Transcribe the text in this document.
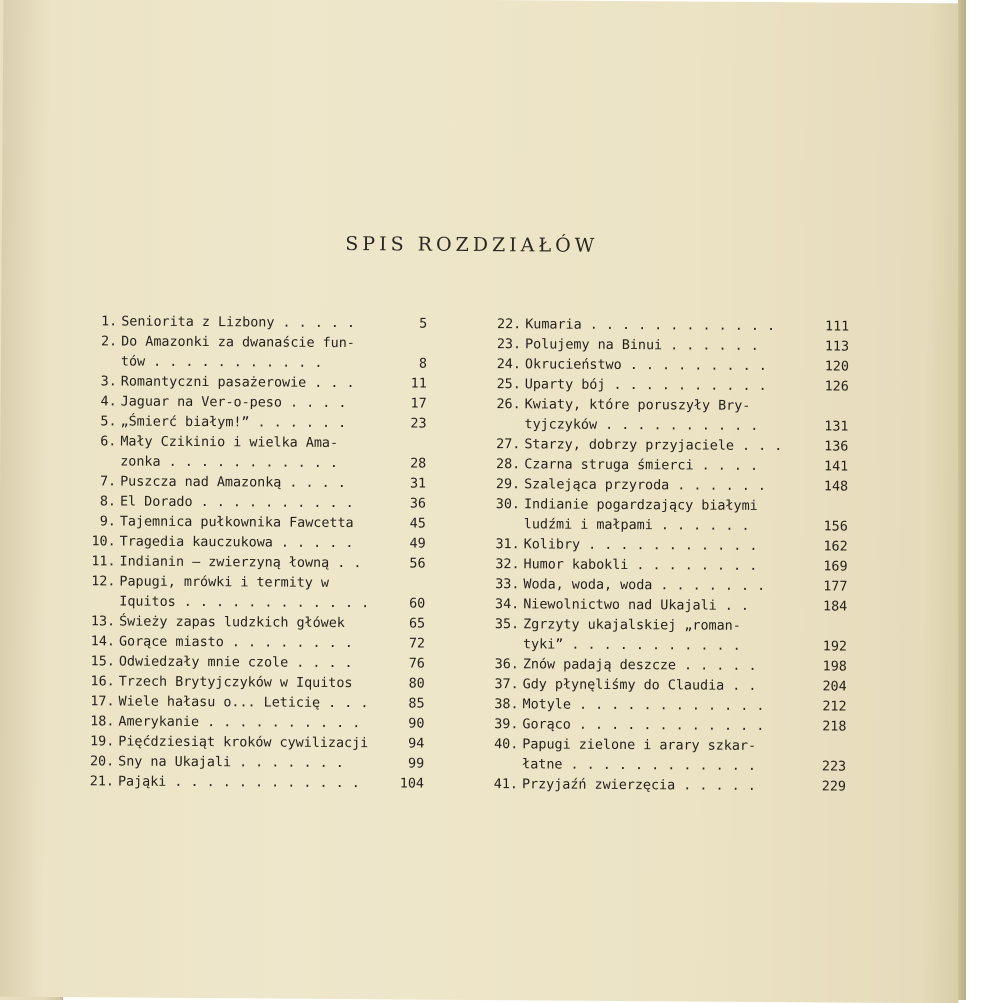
SPIS ROZDZIAŁÓW
1. Seniorita z Lizbony . . . . .	5
2. Do Amazonki za dwanaście fun-
tów . . . . . . . . . . .	8
3. Romantyczni pasażerowie . . .	11
4. Jaguar na Ver-o-peso . . . .	17
5. „Śmierć białym!” . . . . . .	23
6. Mały Czikinio i wielka Ama-
zonka . . . . . . . . . . .	28
7. Puszcza nad Amazonką . . . .	31
8. El Dorado . . . . . . . . . .	36
9. Tajemnica pułkownika Fawcetta	45
10. Tragedia kauczukowa . . . . .	49
11. Indianin — zwierzyną łowną . .	56
12. Papugi, mrówki i termity w
Iquitos . . . . . . . . . . . .	60
13. Świeży zapas ludzkich główek	65
14. Gorące miasto . . . . . . . .	72
15. Odwiedzały mnie czole . . . .	76
16. Trzech Brytyjczyków w Iquitos	80
17. Wiele hałasu o... Leticię . . .	85
18. Amerykanie . . . . . . . . . .	90
19. Pięćdziesiąt kroków cywilizacji	94
20. Sny na Ukajali . . . . . . .	99
21. Pająki . . . . . . . . . . . .	104
22. Kumaria . . . . . . . . . . . .	111
23. Polujemy na Binui . . . . . .	113
24. Okrucieństwo . . . . . . . . .	120
25. Uparty bój . . . . . . . . . .	126
26. Kwiaty, które poruszyły Bry-
tyjczyków . . . . . . . . . .	131
27. Starzy, dobrzy przyjaciele . . .	136
28. Czarna struga śmierci . . . .	141
29. Szalejąca przyroda . . . . . .	148
30. Indianie pogardzający białymi
ludźmi i małpami . . . . . .	156
31. Kolibry . . . . . . . . . . .	162
32. Humor kabokli . . . . . . . .	169
33. Woda, woda, woda . . . . . . .	177
34. Niewolnictwo nad Ukajali . .	184
35. Zgrzyty ukajalskiej „roman-
tyki” . . . . . . . . . . .	192
36. Znów padają deszcze . . . . .	198
37. Gdy płynęliśmy do Claudia . .	204
38. Motyle . . . . . . . . . . . .	212
39. Gorąco . . . . . . . . . . . .	218
40. Papugi zielone i arary szkar-
łatne . . . . . . . . . . . .	223
41. Przyjaźń zwierzęcia . . . . .	229
